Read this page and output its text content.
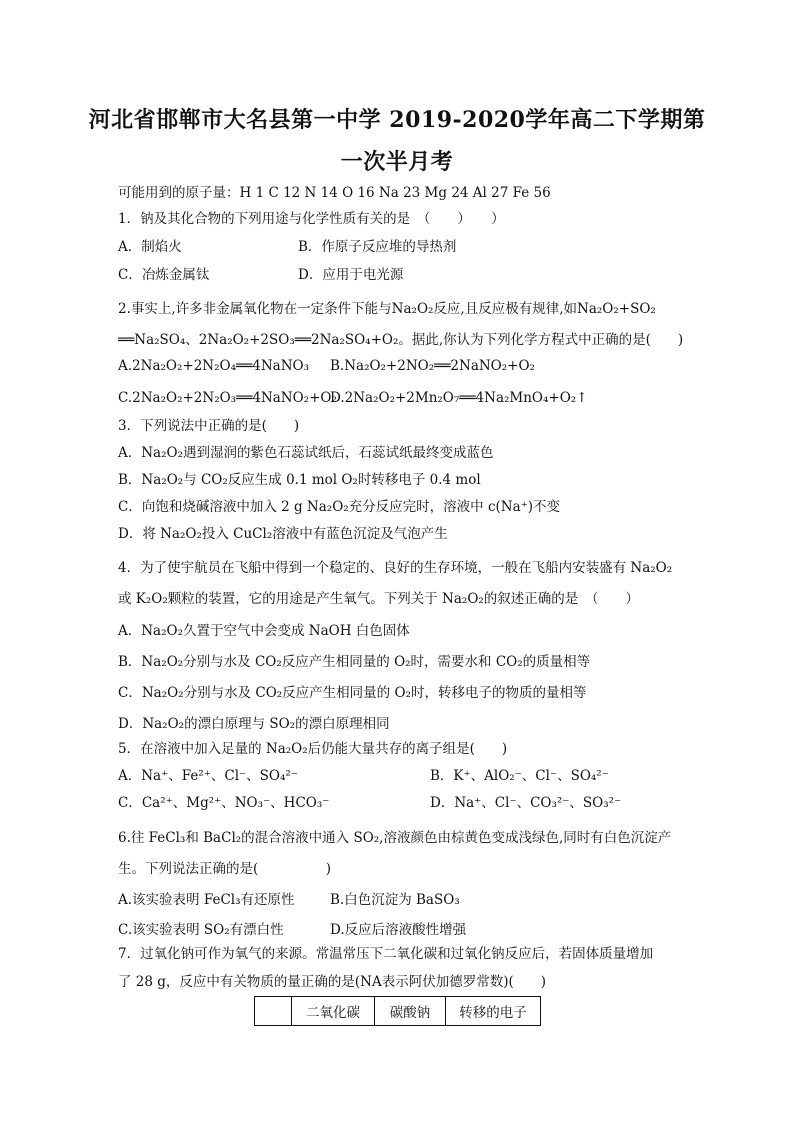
河北省邯郸市大名县第一中学 2019-2020学年高二下学期第
一次半月考
可能用到的原子量：H 1 C 12 N 14 O 16 Na 23 Mg 24 Al 27 Fe 56
1．钠及其化合物的下列用途与化学性质有关的是　（　　）　　）
A．制焰火	B．作原子反应堆的导热剂
C．冶炼金属钛	D．应用于电光源
2.事实上,许多非金属氧化物在一定条件下能与Na₂O₂反应,且反应极有规律,如Na₂O₂+SO₂
══Na₂SO₄、2Na₂O₂+2SO₃══2Na₂SO₄+O₂。据此,你认为下列化学方程式中正确的是(　　)
A.2Na₂O₂+2N₂O₄══4NaNO₃ B.Na₂O₂+2NO₂══2NaNO₂+O₂
C.2Na₂O₂+2N₂O₃══4NaNO₂+O₂
D.2Na₂O₂+2Mn₂O₇══4Na₂MnO₄+O₂↑
3．下列说法中正确的是(　　)
A．Na₂O₂遇到湿润的紫色石蕊试纸后，石蕊试纸最终变成蓝色
B．Na₂O₂与 CO₂反应生成 0.1 mol O₂时转移电子 0.4 mol
C．向饱和烧碱溶液中加入 2 g Na₂O₂充分反应完时，溶液中 c(Na⁺)不变
D．将 Na₂O₂投入 CuCl₂溶液中有蓝色沉淀及气泡产生
4．为了使宇航员在飞船中得到一个稳定的、良好的生存环境，一般在飞船内安装盛有 Na₂O₂
或 K₂O₂颗粒的装置，它的用途是产生氧气。下列关于 Na₂O₂的叙述正确的是　（　　）
A．Na₂O₂久置于空气中会变成 NaOH 白色固体
B．Na₂O₂分别与水及 CO₂反应产生相同量的 O₂时，需要水和 CO₂的质量相等
C．Na₂O₂分别与水及 CO₂反应产生相同量的 O₂时，转移电子的物质的量相等
D．Na₂O₂的漂白原理与 SO₂的漂白原理相同
5．在溶液中加入足量的 Na₂O₂后仍能大量共存的离子组是(　　)
A．Na⁺、Fe²⁺、Cl⁻、SO₄²⁻	B．K⁺、AlO₂⁻、Cl⁻、SO₄²⁻
C．Ca²⁺、Mg²⁺、NO₃⁻、HCO₃⁻	D．Na⁺、Cl⁻、CO₃²⁻、SO₃²⁻
6.往 FeCl₃和 BaCl₂的混合溶液中通入 SO₂,溶液颜色由棕黄色变成浅绿色,同时有白色沉淀产
生。下列说法正确的是(　　　　　)
A.该实验表明 FeCl₃有还原性	B.白色沉淀为 BaSO₃
C.该实验表明 SO₂有漂白性	D.反应后溶液酸性增强
7．过氧化钠可作为氧气的来源。常温常压下二氧化碳和过氧化钠反应后，若固体质量增加
了 28 g，反应中有关物质的量正确的是(NA表示阿伏加德罗常数)(　　)
	二氧化碳	碳酸钠	转移的电子
